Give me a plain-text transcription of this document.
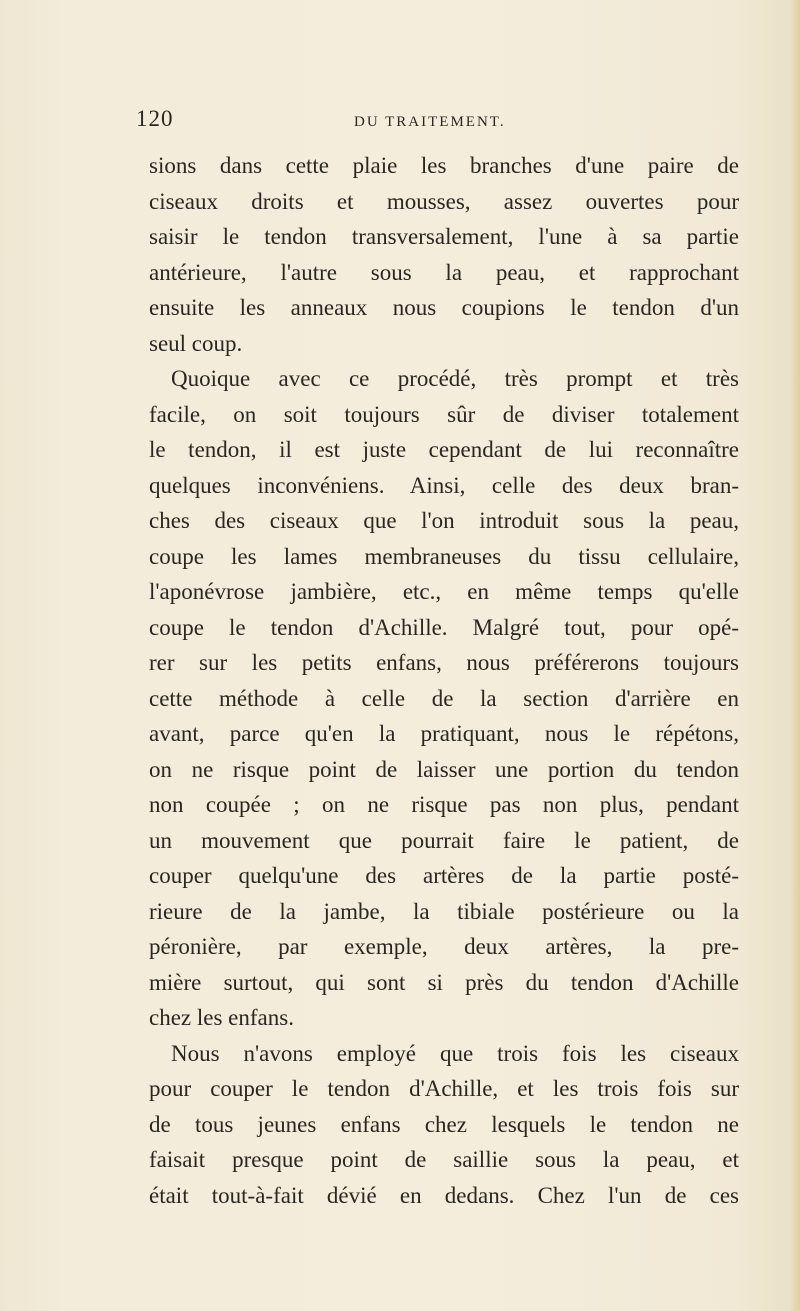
120	DU TRAITEMENT.
sions dans cette plaie les branches d'une paire de
ciseaux droits et mousses, assez ouvertes pour
saisir le tendon transversalement, l'une à sa partie
antérieure, l'autre sous la peau, et rapprochant
ensuite les anneaux nous coupions le tendon d'un
seul coup.
Quoique avec ce procédé, très prompt et très
facile, on soit toujours sûr de diviser totalement
le tendon, il est juste cependant de lui reconnaître
quelques inconvéniens. Ainsi, celle des deux bran-
ches des ciseaux que l'on introduit sous la peau,
coupe les lames membraneuses du tissu cellulaire,
l'aponévrose jambière, etc., en même temps qu'elle
coupe le tendon d'Achille. Malgré tout, pour opé-
rer sur les petits enfans, nous préférerons toujours
cette méthode à celle de la section d'arrière en
avant, parce qu'en la pratiquant, nous le répétons,
on ne risque point de laisser une portion du tendon
non coupée ; on ne risque pas non plus, pendant
un mouvement que pourrait faire le patient, de
couper quelqu'une des artères de la partie posté-
rieure de la jambe, la tibiale postérieure ou la
péronière, par exemple, deux artères, la pre-
mière surtout, qui sont si près du tendon d'Achille
chez les enfans.
Nous n'avons employé que trois fois les ciseaux
pour couper le tendon d'Achille, et les trois fois sur
de tous jeunes enfans chez lesquels le tendon ne
faisait presque point de saillie sous la peau, et
était tout-à-fait dévié en dedans. Chez l'un de ces
